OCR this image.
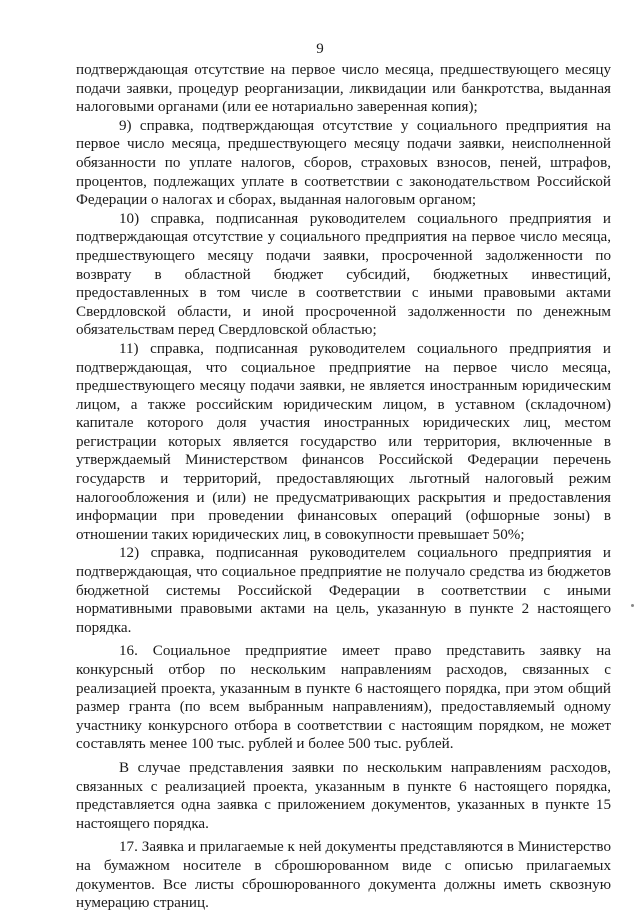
9

подтверждающая отсутствие на первое число месяца, предшествующего месяцу подачи заявки, процедур реорганизации, ликвидации или банкротства, выданная налоговыми органами (или ее нотариально заверенная копия);

9) справка, подтверждающая отсутствие у социального предприятия на первое число месяца, предшествующего месяцу подачи заявки, неисполненной обязанности по уплате налогов, сборов, страховых взносов, пеней, штрафов, процентов, подлежащих уплате в соответствии с законодательством Российской Федерации о налогах и сборах, выданная налоговым органом;

10) справка, подписанная руководителем социального предприятия и подтверждающая отсутствие у социального предприятия на первое число месяца, предшествующего месяцу подачи заявки, просроченной задолженности по возврату в областной бюджет субсидий, бюджетных инвестиций, предоставленных в том числе в соответствии с иными правовыми актами Свердловской области, и иной просроченной задолженности по денежным обязательствам перед Свердловской областью;

11) справка, подписанная руководителем социального предприятия и подтверждающая, что социальное предприятие на первое число месяца, предшествующего месяцу подачи заявки, не является иностранным юридическим лицом, а также российским юридическим лицом, в уставном (складочном) капитале которого доля участия иностранных юридических лиц, местом регистрации которых является государство или территория, включенные в утверждаемый Министерством финансов Российской Федерации перечень государств и территорий, предоставляющих льготный налоговый режим налогообложения и (или) не предусматривающих раскрытия и предоставления информации при проведении финансовых операций (офшорные зоны) в отношении таких юридических лиц, в совокупности превышает 50%;

12) справка, подписанная руководителем социального предприятия и подтверждающая, что социальное предприятие не получало средства из бюджетов бюджетной системы Российской Федерации в соответствии с иными нормативными правовыми актами на цель, указанную в пункте 2 настоящего порядка.

16. Социальное предприятие имеет право представить заявку на конкурсный отбор по нескольким направлениям расходов, связанных с реализацией проекта, указанным в пункте 6 настоящего порядка, при этом общий размер гранта (по всем выбранным направлениям), предоставляемый одному участнику конкурсного отбора в соответствии с настоящим порядком, не может составлять менее 100 тыс. рублей и более 500 тыс. рублей.

В случае представления заявки по нескольким направлениям расходов, связанных с реализацией проекта, указанным в пункте 6 настоящего порядка, представляется одна заявка с приложением документов, указанных в пункте 15 настоящего порядка.

17. Заявка и прилагаемые к ней документы представляются в Министерство на бумажном носителе в сброшюрованном виде с описью прилагаемых документов. Все листы сброшюрованного документа должны иметь сквозную нумерацию страниц.
